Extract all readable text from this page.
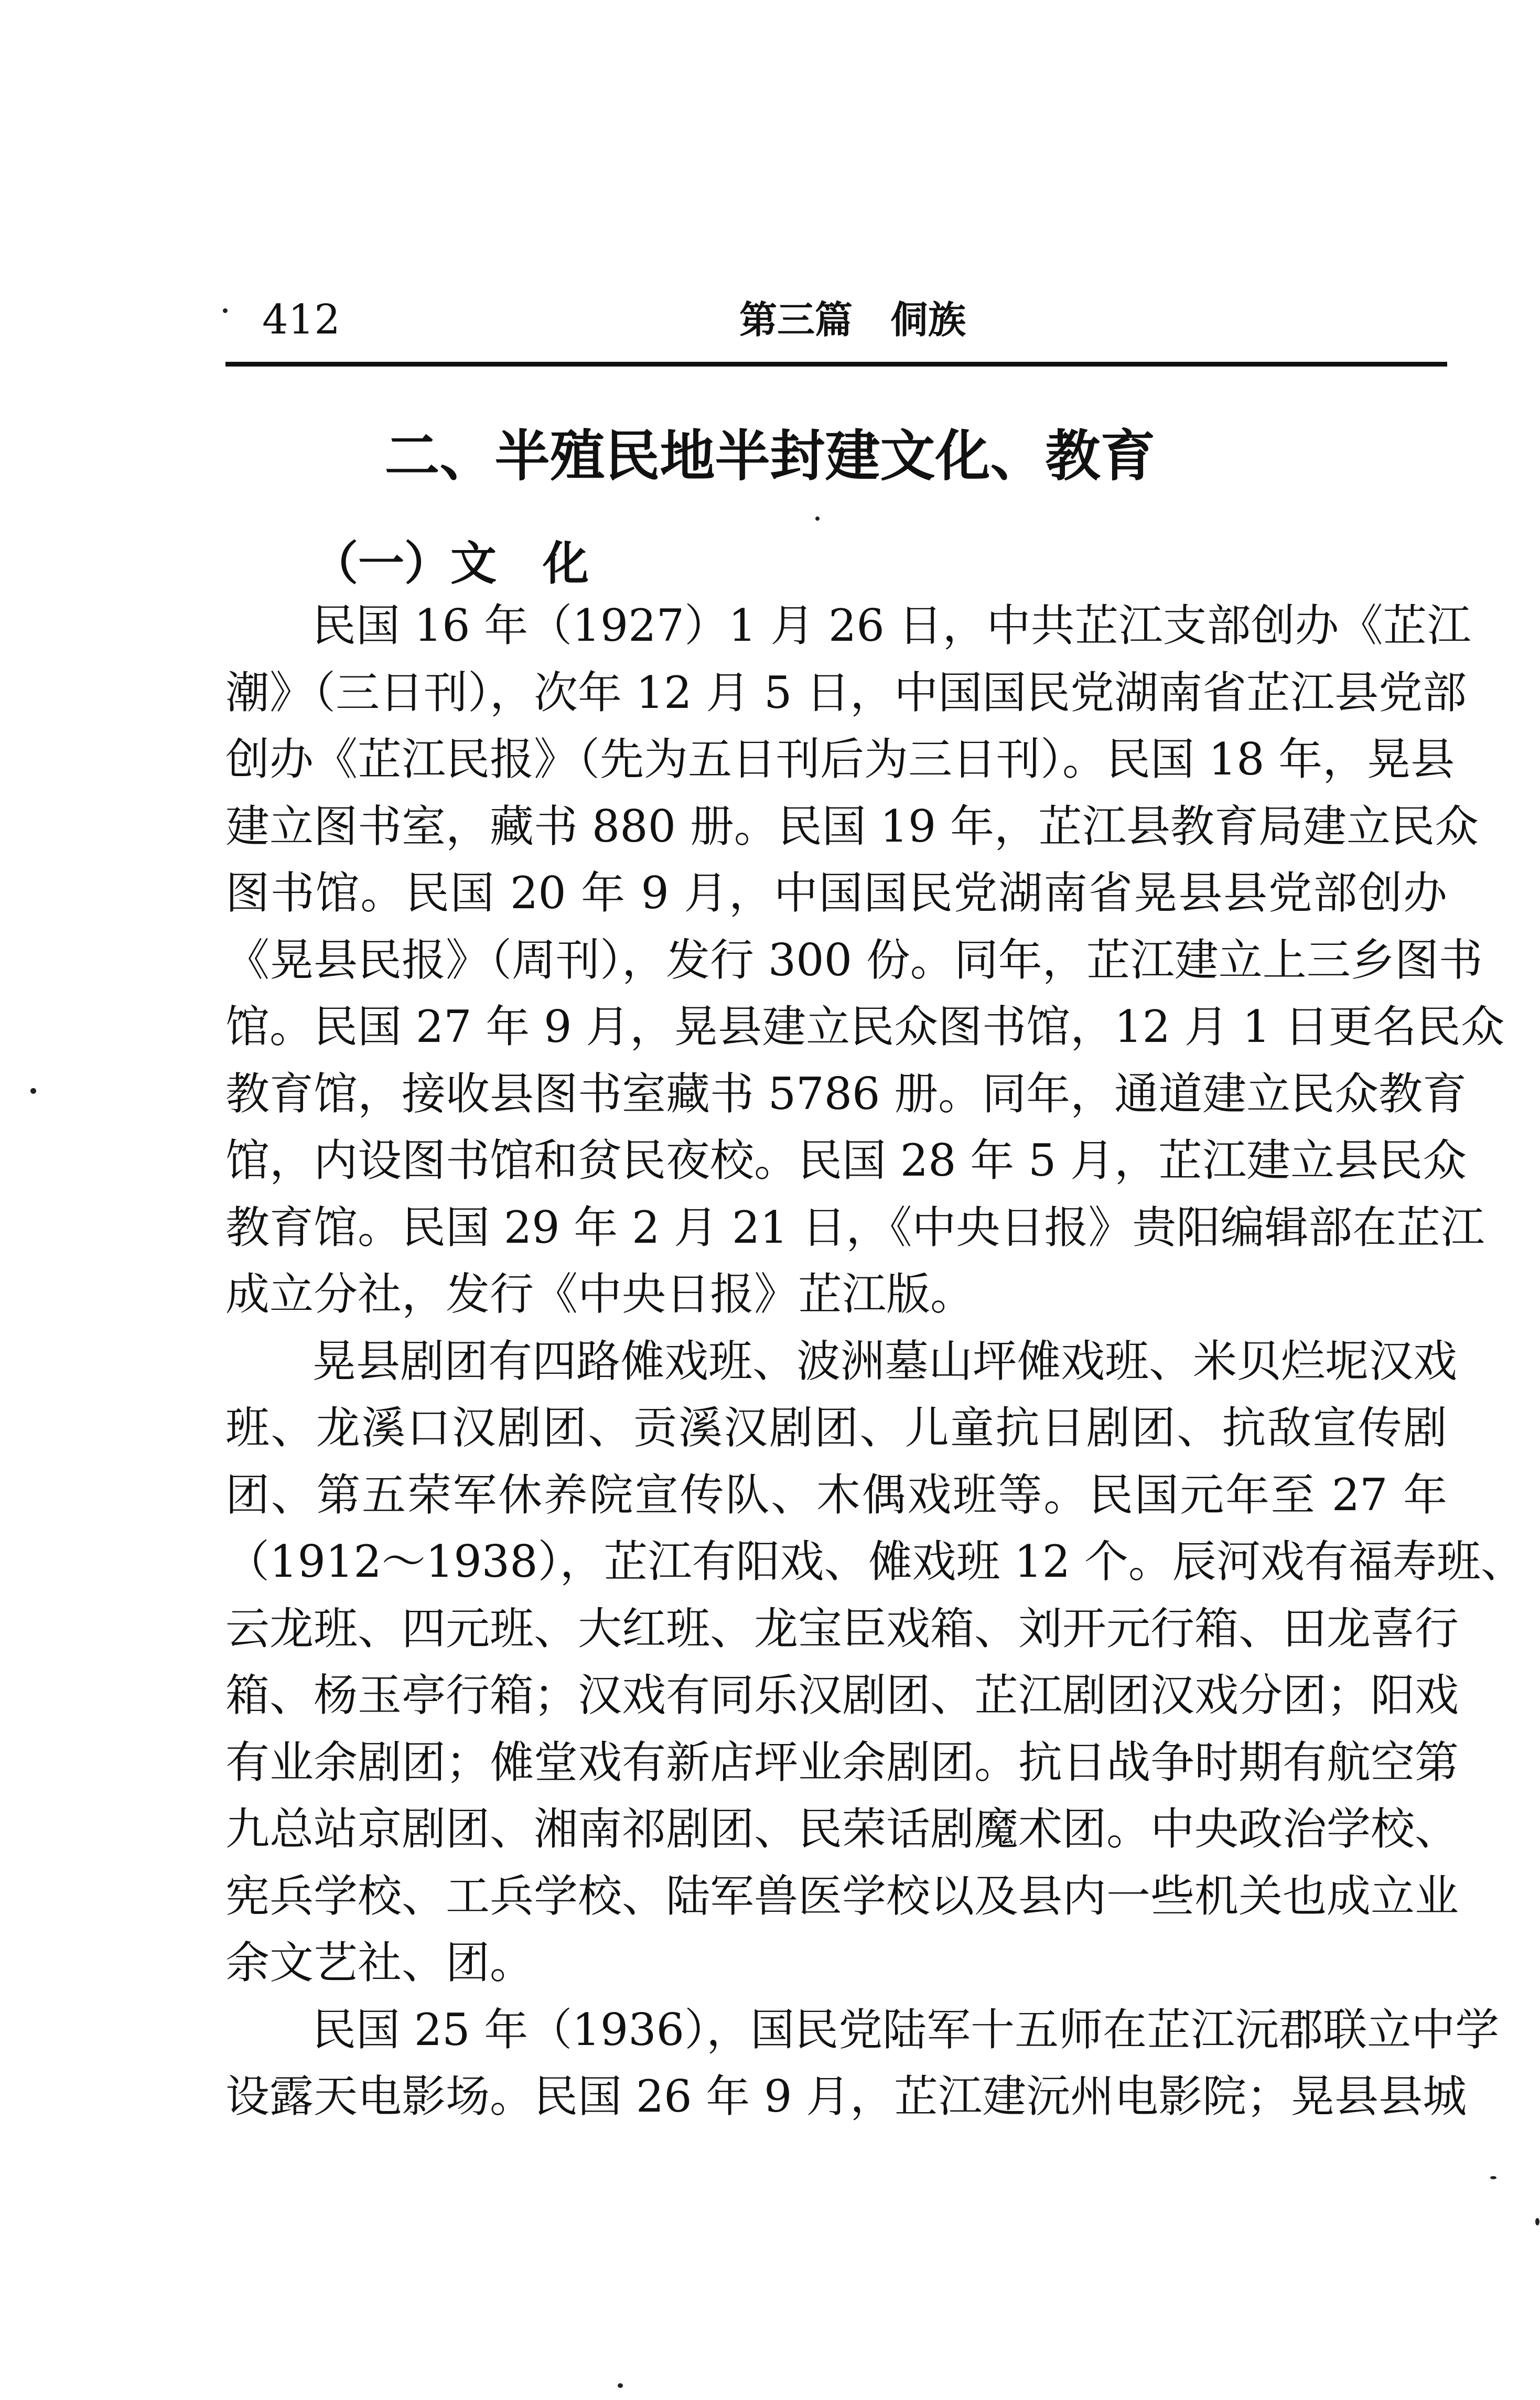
412	第三篇　侗族
二、半殖民地半封建文化、教育
（一）文　化
民国 16 年（1927）1 月 26 日，中共芷江支部创办《芷江
潮》（三日刊），次年 12 月 5 日，中国国民党湖南省芷江县党部
创办《芷江民报》（先为五日刊后为三日刊）。民国 18 年，晃县
建立图书室，藏书 880 册。民国 19 年，芷江县教育局建立民众
图书馆。民国 20 年 9 月，中国国民党湖南省晃县县党部创办
《晃县民报》（周刊），发行 300 份。同年，芷江建立上三乡图书
馆。民国 27 年 9 月，晃县建立民众图书馆，12 月 1 日更名民众
教育馆，接收县图书室藏书 5786 册。同年，通道建立民众教育
馆，内设图书馆和贫民夜校。民国 28 年 5 月，芷江建立县民众
教育馆。民国 29 年 2 月 21 日，《中央日报》贵阳编辑部在芷江
成立分社，发行《中央日报》芷江版。
晃县剧团有四路傩戏班、波洲墓山坪傩戏班、米贝烂坭汉戏
班、龙溪口汉剧团、贡溪汉剧团、儿童抗日剧团、抗敌宣传剧
团、第五荣军休养院宣传队、木偶戏班等。民国元年至 27 年
（1912～1938），芷江有阳戏、傩戏班 12 个。辰河戏有福寿班、
云龙班、四元班、大红班、龙宝臣戏箱、刘开元行箱、田龙喜行
箱、杨玉亭行箱；汉戏有同乐汉剧团、芷江剧团汉戏分团；阳戏
有业余剧团；傩堂戏有新店坪业余剧团。抗日战争时期有航空第
九总站京剧团、湘南祁剧团、民荣话剧魔术团。中央政治学校、
宪兵学校、工兵学校、陆军兽医学校以及县内一些机关也成立业
余文艺社、团。
民国 25 年（1936），国民党陆军十五师在芷江沅郡联立中学
设露天电影场。民国 26 年 9 月，芷江建沅州电影院；晃县县城
